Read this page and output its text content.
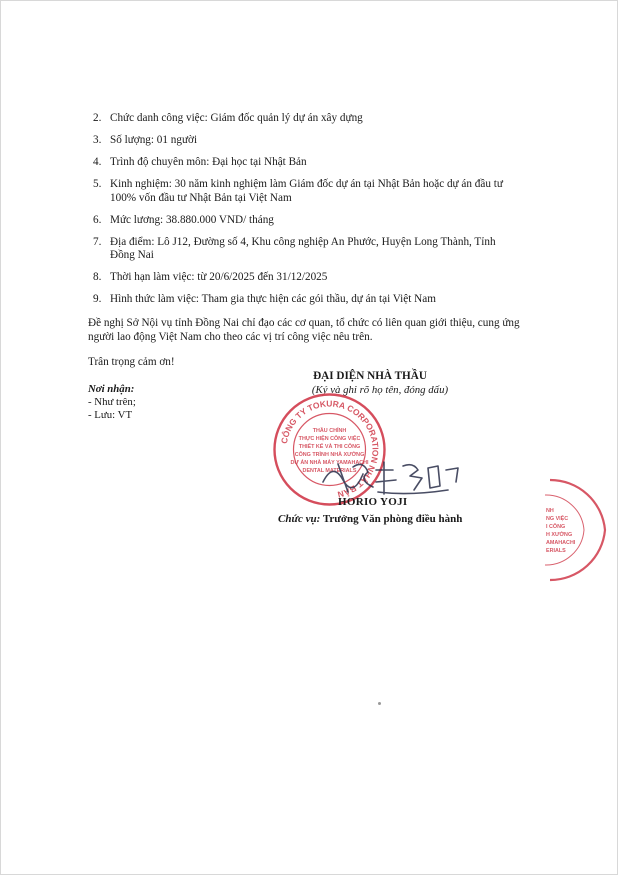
2. Chức danh công việc: Giám đốc quản lý dự án xây dựng
3. Số lượng: 01 người
4. Trình độ chuyên môn: Đại học tại Nhật Bản
5. Kinh nghiệm: 30 năm kinh nghiệm làm Giám đốc dự án tại Nhật Bản hoặc dự án đầu tư 100% vốn đầu tư Nhật Bản tại Việt Nam
6. Mức lương: 38.880.000 VND/ tháng
7. Địa điểm: Lô J12, Đường số 4, Khu công nghiệp An Phước, Huyện Long Thành, Tỉnh Đồng Nai
8. Thời hạn làm việc: từ 20/6/2025 đến 31/12/2025
9. Hình thức làm việc: Tham gia thực hiện các gói thầu, dự án tại Việt Nam

Đề nghị Sở Nội vụ tỉnh Đồng Nai chỉ đạo các cơ quan, tổ chức có liên quan giới thiệu, cung ứng người lao động Việt Nam cho theo các vị trí công việc nêu trên.

Trân trọng cảm ơn!

Nơi nhận:
- Như trên;
- Lưu: VT
ĐẠI DIỆN NHÀ THẦU
(Ký và ghi rõ họ tên, đóng dấu)
CÔNG TY TOKURA CORPORATION NHẬT BẢN
THẦU CHÍNH
THỰC HIỆN CÔNG VIỆC
THIẾT KẾ VÀ THI CÔNG
CÔNG TRÌNH NHÀ XƯỞNG
DỰ ÁN NHÀ MÁY YAMAHACHI
DENTAL MATERIALS
HORIO YOJI
Chức vụ: Trưởng Văn phòng điều hành
NH
NG VIỆC
I CÔNG
H XƯỞNG
AMAHACHI
ERIALS
